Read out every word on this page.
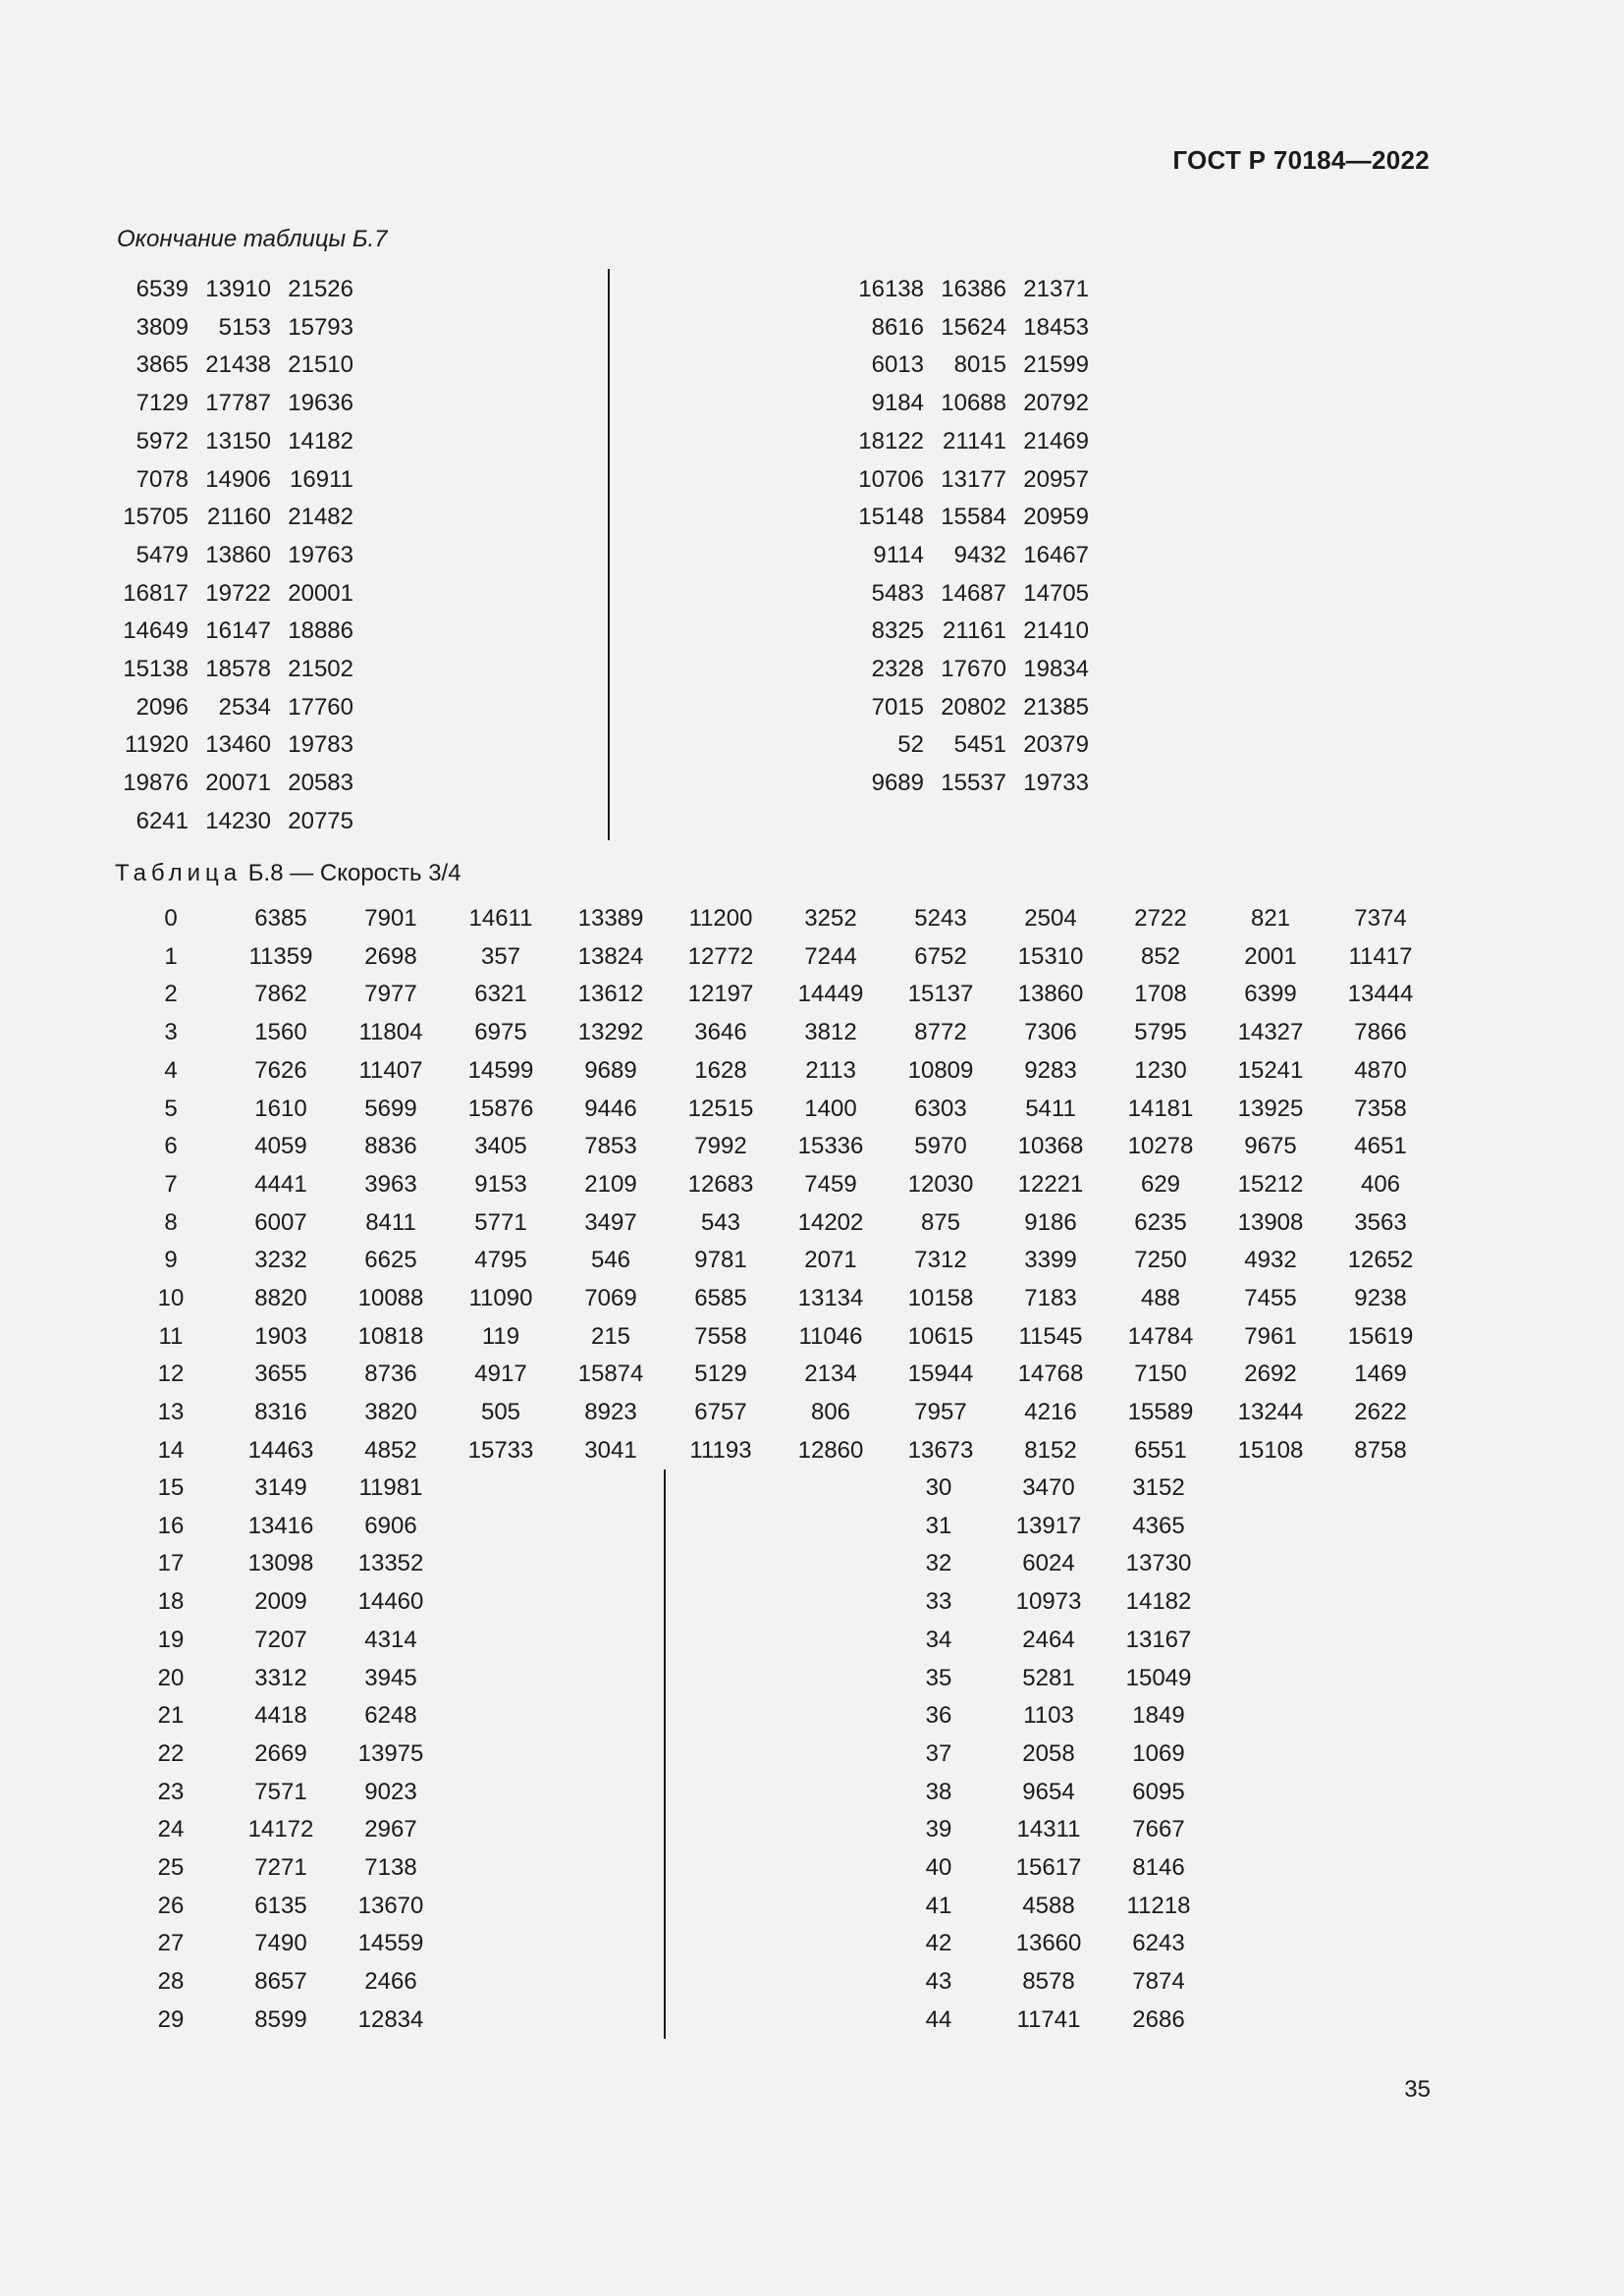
ГОСТ Р 70184—2022
Окончание таблицы Б.7
6539	13910	21526
3809	5153	15793
3865	21438	21510
7129	17787	19636
5972	13150	14182
7078	14906	16911
15705	21160	21482
5479	13860	19763
16817	19722	20001
14649	16147	18886
15138	18578	21502
2096	2534	17760
11920	13460	19783
19876	20071	20583
6241	14230	20775
16138	16386	21371
8616	15624	18453
6013	8015	21599
9184	10688	20792
18122	21141	21469
10706	13177	20957
15148	15584	20959
9114	9432	16467
5483	14687	14705
8325	21161	21410
2328	17670	19834
7015	20802	21385
52	5451	20379
9689	15537	19733
Таблица Б.8 — Скорость 3/4
0	6385	7901	14611	13389	11200	3252	5243	2504	2722	821	7374
1	11359	2698	357	13824	12772	7244	6752	15310	852	2001	11417
2	7862	7977	6321	13612	12197	14449	15137	13860	1708	6399	13444
3	1560	11804	6975	13292	3646	3812	8772	7306	5795	14327	7866
4	7626	11407	14599	9689	1628	2113	10809	9283	1230	15241	4870
5	1610	5699	15876	9446	12515	1400	6303	5411	14181	13925	7358
6	4059	8836	3405	7853	7992	15336	5970	10368	10278	9675	4651
7	4441	3963	9153	2109	12683	7459	12030	12221	629	15212	406
8	6007	8411	5771	3497	543	14202	875	9186	6235	13908	3563
9	3232	6625	4795	546	9781	2071	7312	3399	7250	4932	12652
10	8820	10088	11090	7069	6585	13134	10158	7183	488	7455	9238
11	1903	10818	119	215	7558	11046	10615	11545	14784	7961	15619
12	3655	8736	4917	15874	5129	2134	15944	14768	7150	2692	1469
13	8316	3820	505	8923	6757	806	7957	4216	15589	13244	2622
14	14463	4852	15733	3041	11193	12860	13673	8152	6551	15108	8758
15	3149	11981
16	13416	6906
17	13098	13352
18	2009	14460
19	7207	4314
20	3312	3945
21	4418	6248
22	2669	13975
23	7571	9023
24	14172	2967
25	7271	7138
26	6135	13670
27	7490	14559
28	8657	2466
29	8599	12834
30	3470	3152
31	13917	4365
32	6024	13730
33	10973	14182
34	2464	13167
35	5281	15049
36	1103	1849
37	2058	1069
38	9654	6095
39	14311	7667
40	15617	8146
41	4588	11218
42	13660	6243
43	8578	7874
44	11741	2686
35
